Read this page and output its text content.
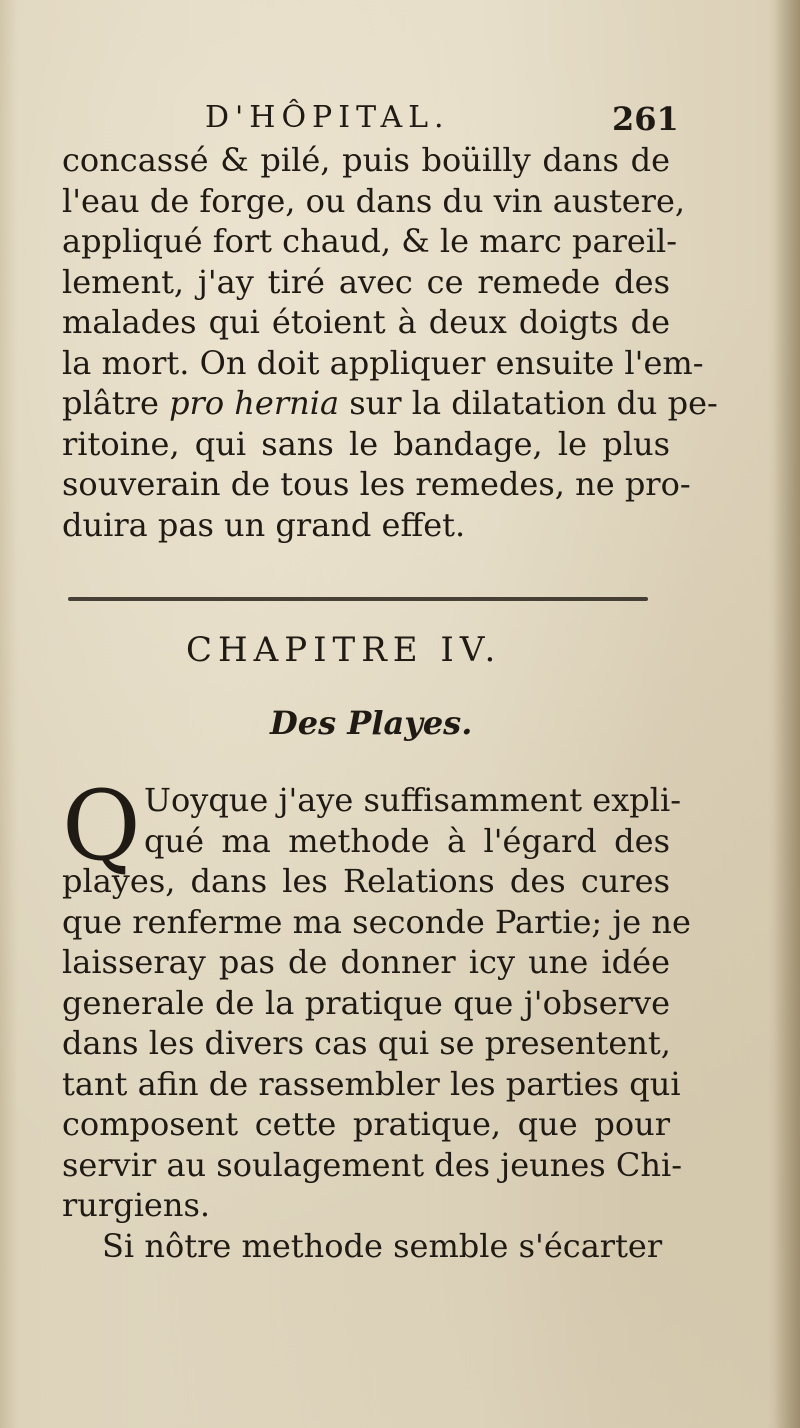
D'HÔPITAL.	261
concassé & pilé, puis boüilly dans de
l'eau de forge, ou dans du vin austere,
appliqué fort chaud, & le marc pareil-
lement, j'ay tiré avec ce remede des
malades qui étoient à deux doigts de
la mort. On doit appliquer ensuite l'em-
plâtre pro hernia sur la dilatation du pe-
ritoine, qui sans le bandage, le plus
souverain de tous les remedes, ne pro-
duira pas un grand effet.
CHAPITRE IV.
Des Playes.
Q Uoyque j'aye suffisamment expli-
qué ma methode à l'égard des
playes, dans les Relations des cures
que renferme ma seconde Partie; je ne
laisseray pas de donner icy une idée
generale de la pratique que j'observe
dans les divers cas qui se presentent,
tant afin de rassembler les parties qui
composent cette pratique, que pour
servir au soulagement des jeunes Chi-
rurgiens.
Si nôtre methode semble s'écarter
